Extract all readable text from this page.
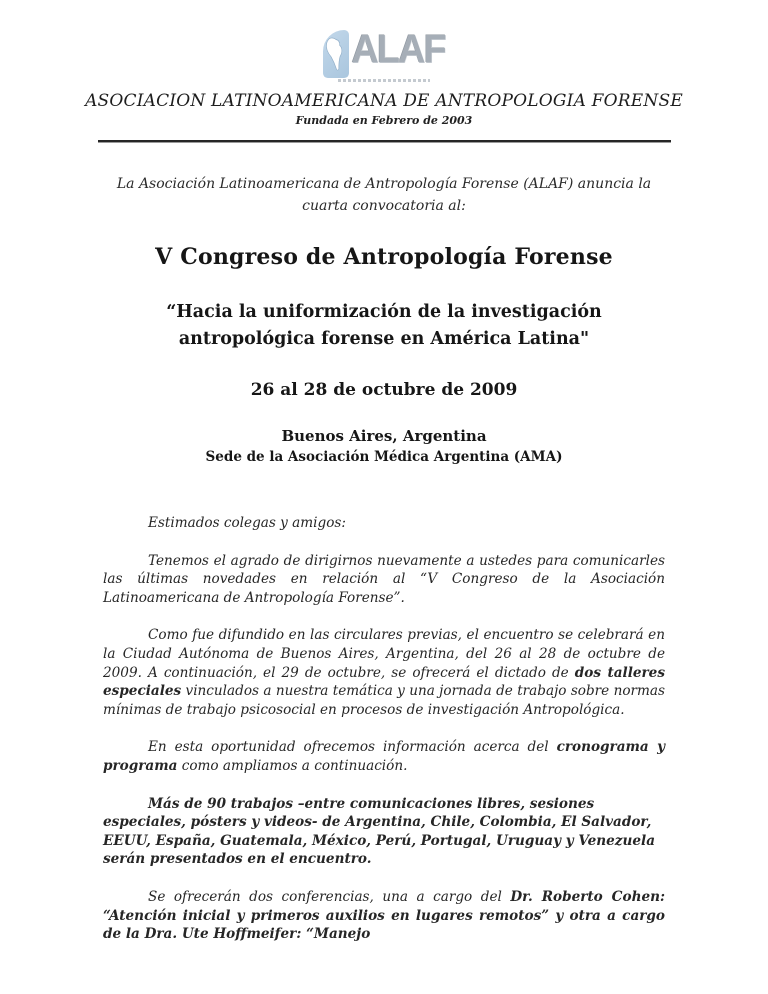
ALAF
ASOCIACION LATINOAMERICANA DE ANTROPOLOGIA FORENSE
Fundada en Febrero de 2003
La Asociación Latinoamericana de Antropología Forense (ALAF) anuncia la cuarta convocatoria al:
V Congreso de Antropología Forense
“Hacia la uniformización de la investigación antropológica forense en América Latina"
26 al 28 de octubre de 2009
Buenos Aires, Argentina
Sede de la Asociación Médica Argentina (AMA)

Estimados colegas y amigos:

Tenemos el agrado de dirigirnos nuevamente a ustedes para comunicarles las últimas novedades en relación al “V Congreso de la Asociación Latinoamericana de Antropología Forense”.

Como fue difundido en las circulares previas, el encuentro se celebrará en la Ciudad Autónoma de Buenos Aires, Argentina, del 26 al 28 de octubre de 2009. A continuación, el 29 de octubre, se ofrecerá el dictado de dos talleres especiales vinculados a nuestra temática y una jornada de trabajo sobre normas mínimas de trabajo psicosocial en procesos de investigación Antropológica.

En esta oportunidad ofrecemos información acerca del cronograma y programa como ampliamos a continuación.

Más de 90 trabajos –entre comunicaciones libres, sesiones especiales, pósters y videos- de Argentina, Chile, Colombia, El Salvador, EEUU, España, Guatemala, México, Perú, Portugal, Uruguay y Venezuela serán presentados en el encuentro.

Se ofrecerán dos conferencias, una a cargo del Dr. Roberto Cohen: “Atención inicial y primeros auxilios en lugares remotos” y otra a cargo de la Dra. Ute Hoffmeifer: “Manejo
